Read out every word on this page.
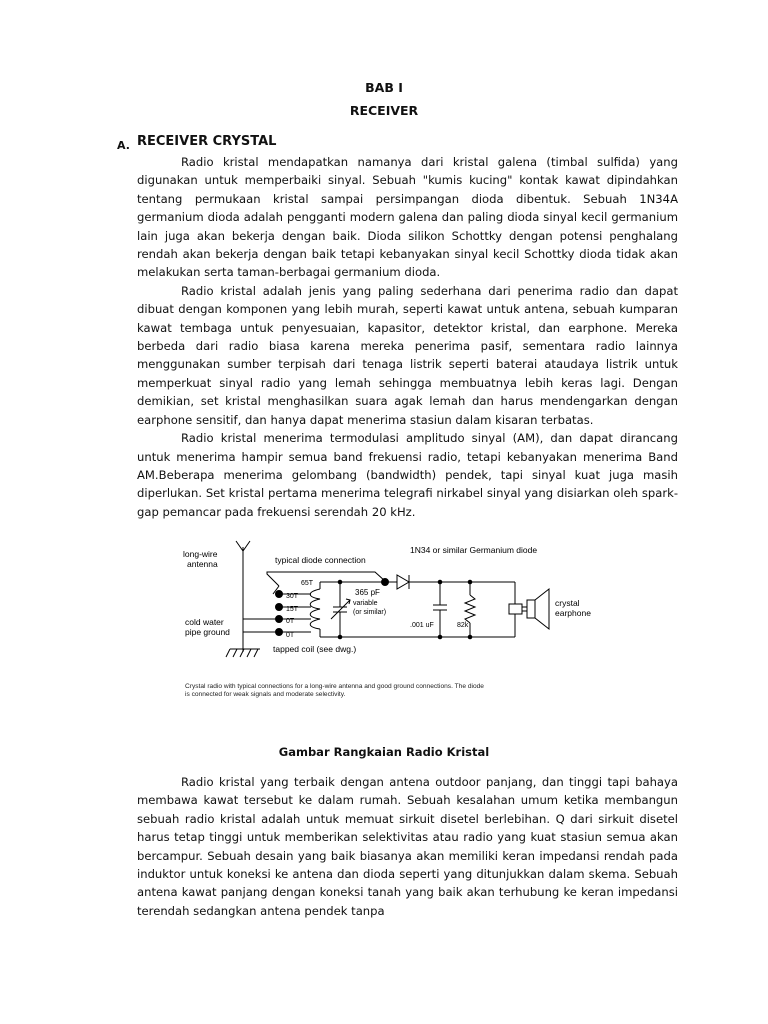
BAB I
RECEIVER
A. RECEIVER CRYSTAL

Radio kristal mendapatkan namanya dari kristal galena (timbal sulfida) yang digunakan untuk memperbaiki sinyal. Sebuah "kumis kucing" kontak kawat dipindahkan tentang permukaan kristal sampai persimpangan dioda dibentuk. Sebuah 1N34A germanium dioda adalah pengganti modern galena dan paling dioda sinyal kecil germanium lain juga akan bekerja dengan baik. Dioda silikon Schottky dengan potensi penghalang rendah akan bekerja dengan baik tetapi kebanyakan sinyal kecil Schottky dioda tidak akan melakukan serta taman-berbagai germanium dioda.

Radio kristal adalah jenis yang paling sederhana dari penerima radio dan dapat dibuat dengan komponen yang lebih murah, seperti kawat untuk antena, sebuah kumparan kawat tembaga untuk penyesuaian, kapasitor, detektor kristal, dan earphone. Mereka berbeda dari radio biasa karena mereka penerima pasif, sementara radio lainnya menggunakan sumber terpisah dari tenaga listrik seperti baterai ataudaya listrik untuk memperkuat sinyal radio yang lemah sehingga membuatnya lebih keras lagi. Dengan demikian, set kristal menghasilkan suara agak lemah dan harus mendengarkan dengan earphone sensitif, dan hanya dapat menerima stasiun dalam kisaran terbatas.

Radio kristal menerima termodulasi amplitudo sinyal (AM), dan dapat dirancang untuk menerima hampir semua band frekuensi radio, tetapi kebanyakan menerima Band AM.Beberapa menerima gelombang (bandwidth) pendek, tapi sinyal kuat juga masih diperlukan. Set kristal pertama menerima telegrafi nirkabel sinyal yang disiarkan oleh spark-gap pemancar pada frekuensi serendah 20 kHz.

long-wire
antenna
cold water
pipe ground
typical diode connection
1N34 or similar Germanium diode
crystal
earphone
tapped coil (see dwg.)
65T
30T
15T
0T
0T
365 pF
variable
(or similar)
.001 uF	82k
Crystal radio with typical connections for a long-wire antenna and good ground connections. The diode
is connected for weak signals and moderate selectivity.
Gambar Rangkaian Radio Kristal

Radio kristal yang terbaik dengan antena outdoor panjang, dan tinggi tapi bahaya membawa kawat tersebut ke dalam rumah. Sebuah kesalahan umum ketika membangun sebuah radio kristal adalah untuk memuat sirkuit disetel berlebihan. Q dari sirkuit disetel harus tetap tinggi untuk memberikan selektivitas atau radio yang kuat stasiun semua akan bercampur. Sebuah desain yang baik biasanya akan memiliki keran impedansi rendah pada induktor untuk koneksi ke antena dan dioda seperti yang ditunjukkan dalam skema. Sebuah antena kawat panjang dengan koneksi tanah yang baik akan terhubung ke keran impedansi terendah sedangkan antena pendek tanpa
